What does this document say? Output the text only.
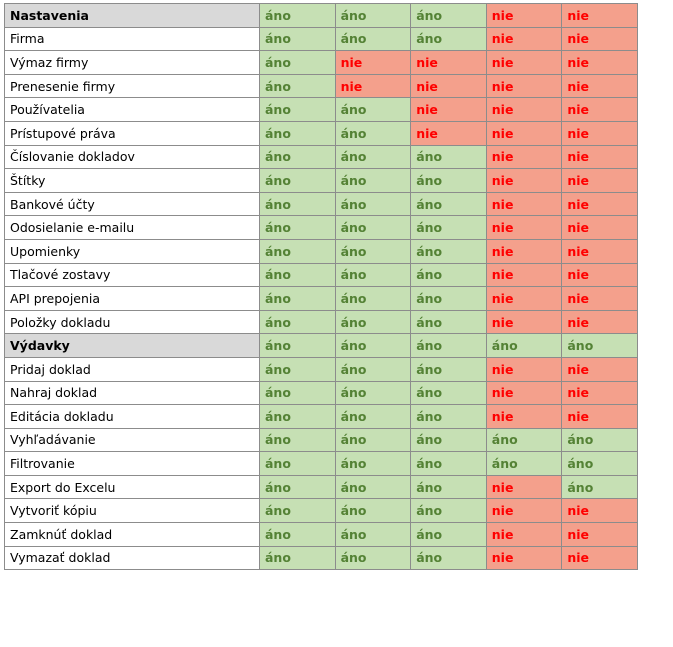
Nastavenia	áno	áno	áno	nie	nie
Firma	áno	áno	áno	nie	nie
Výmaz firmy	áno	nie	nie	nie	nie
Prenesenie firmy	áno	nie	nie	nie	nie
Používatelia	áno	áno	nie	nie	nie
Prístupové práva	áno	áno	nie	nie	nie
Číslovanie dokladov	áno	áno	áno	nie	nie
Štítky	áno	áno	áno	nie	nie
Bankové účty	áno	áno	áno	nie	nie
Odosielanie e-mailu	áno	áno	áno	nie	nie
Upomienky	áno	áno	áno	nie	nie
Tlačové zostavy	áno	áno	áno	nie	nie
API prepojenia	áno	áno	áno	nie	nie
Položky dokladu	áno	áno	áno	nie	nie
Výdavky	áno	áno	áno	áno	áno
Pridaj doklad	áno	áno	áno	nie	nie
Nahraj doklad	áno	áno	áno	nie	nie
Editácia dokladu	áno	áno	áno	nie	nie
Vyhľadávanie	áno	áno	áno	áno	áno
Filtrovanie	áno	áno	áno	áno	áno
Export do Excelu	áno	áno	áno	nie	áno
Vytvoriť kópiu	áno	áno	áno	nie	nie
Zamknúť doklad	áno	áno	áno	nie	nie
Vymazať doklad	áno	áno	áno	nie	nie
